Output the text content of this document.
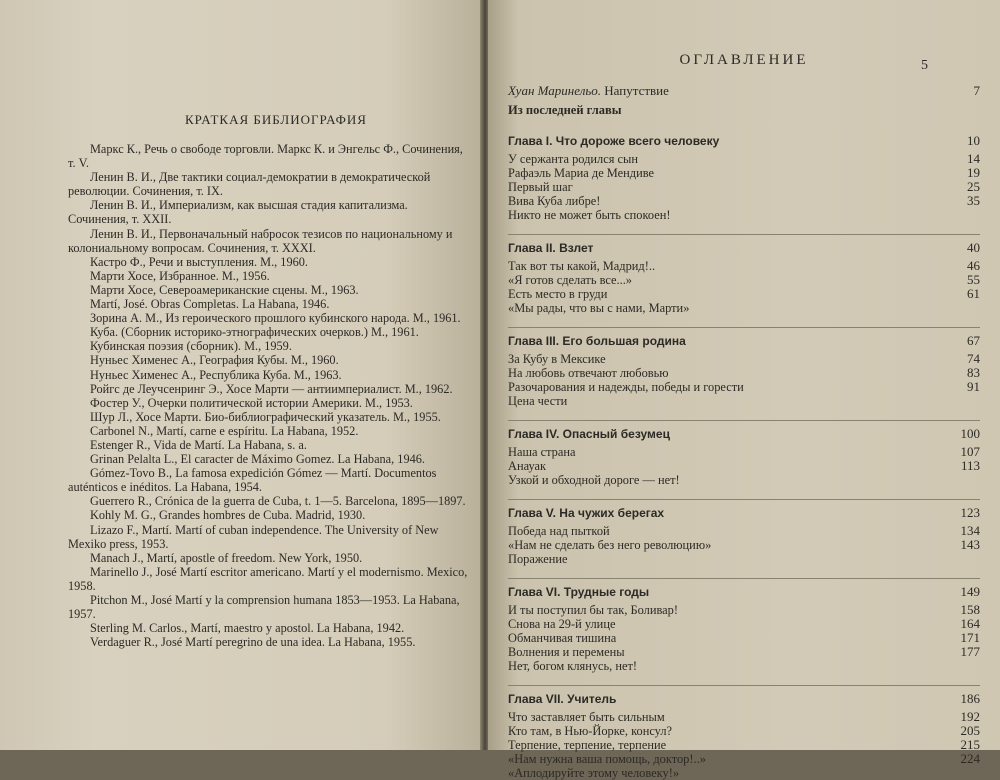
КРАТКАЯ БИБЛИОГРАФИЯ

Маркс К., Речь о свободе торговли. Маркс К. и Энгельс Ф., Сочинения, т. V.

Ленин В. И., Две тактики социал-демократии в демократической революции. Сочинения, т. IX.

Ленин В. И., Империализм, как высшая стадия капитализма. Сочинения, т. XXII.

Ленин В. И., Первоначальный набросок тезисов по национальному и колониальному вопросам. Сочинения, т. XXXI.

Кастро Ф., Речи и выступления. М., 1960.

Марти Хосе, Избранное. М., 1956.

Марти Хосе, Североамериканские сцены. М., 1963.

Martí, José. Obras Completas. La Habana, 1946.

Зорина А. М., Из героического прошлого кубинского народа. М., 1961.

Куба. (Сборник историко-этнографических очерков.) М., 1961.

Кубинская поэзия (сборник). М., 1959.

Нуньес Хименес А., География Кубы. М., 1960.

Нуньес Хименес А., Республика Куба. М., 1963.

Ройгс де Леучсенринг Э., Хосе Марти — антиимпериалист. М., 1962.

Фостер У., Очерки политической истории Америки. М., 1953.

Шур Л., Хосе Марти. Био-библиографический указатель. М., 1955.

Carbonel N., Martí, carne e espíritu. La Habana, 1952.

Estenger R., Vida de Martí. La Habana, s. a.

Grinan Pelalta L., El caracter de Máximo Gomez. La Habana, 1946.

Gómez-Tovo B., La famosa expedición Gómez — Martí. Documentos auténticos e inéditos. La Habana, 1954.

Guerrero R., Crónica de la guerra de Cuba, t. 1—5. Barcelona, 1895—1897.

Kohly M. G., Grandes hombres de Cuba. Madrid, 1930.

Lizazo F., Martí. Martí of cuban independence. The University of New Mexiko press, 1953.

Manach J., Martí, apostle of freedom. New York, 1950.

Marinello J., José Martí escritor americano. Martí y el modernismo. Mexico, 1958.

Pitchon M., José Martí y la comprension humana 1853—1953. La Habana, 1957.

Sterling M. Carlos., Martí, maestro y apostol. La Habana, 1942.

Verdaguer R., José Martí peregrino de una idea. La Habana, 1955.

ОГЛАВЛЕНИЕ	5
Хуан Маринельо. Напутствие	7
Из последней главы
Глава I. Что дороже всего человеку	10
У сержанта родился сын	14
Рафаэль Мариа де Мендиве	19
Первый шаг	25
Вива Куба либре!	35
Никто не может быть спокоен!
Глава II. Взлет	40
Так вот ты какой, Мадрид!..	46
«Я готов сделать все...»	55
Есть место в груди	61
«Мы рады, что вы с нами, Марти»
Глава III. Его большая родина	67
За Кубу в Мексике	74
На любовь отвечают любовью	83
Разочарования и надежды, победы и горести	91
Цена чести
Глава IV. Опасный безумец	100
Наша страна	107
Анауак	113
Узкой и обходной дороге — нет!
Глава V. На чужих берегах	123
Победа над пыткой	134
«Нам не сделать без него революцию»	143
Поражение
Глава VI. Трудные годы	149
И ты поступил бы так, Боливар!	158
Снова на 29-й улице	164
Обманчивая тишина	171
Волнения и перемены	177
Нет, богом клянусь, нет!
Глава VII. Учитель	186
Что заставляет быть сильным	192
Кто там, в Нью-Йорке, консул?	205
Терпение, терпение, терпение	215
«Нам нужна ваша помощь, доктор!..»	224
«Аплодируйте этому человеку!»
